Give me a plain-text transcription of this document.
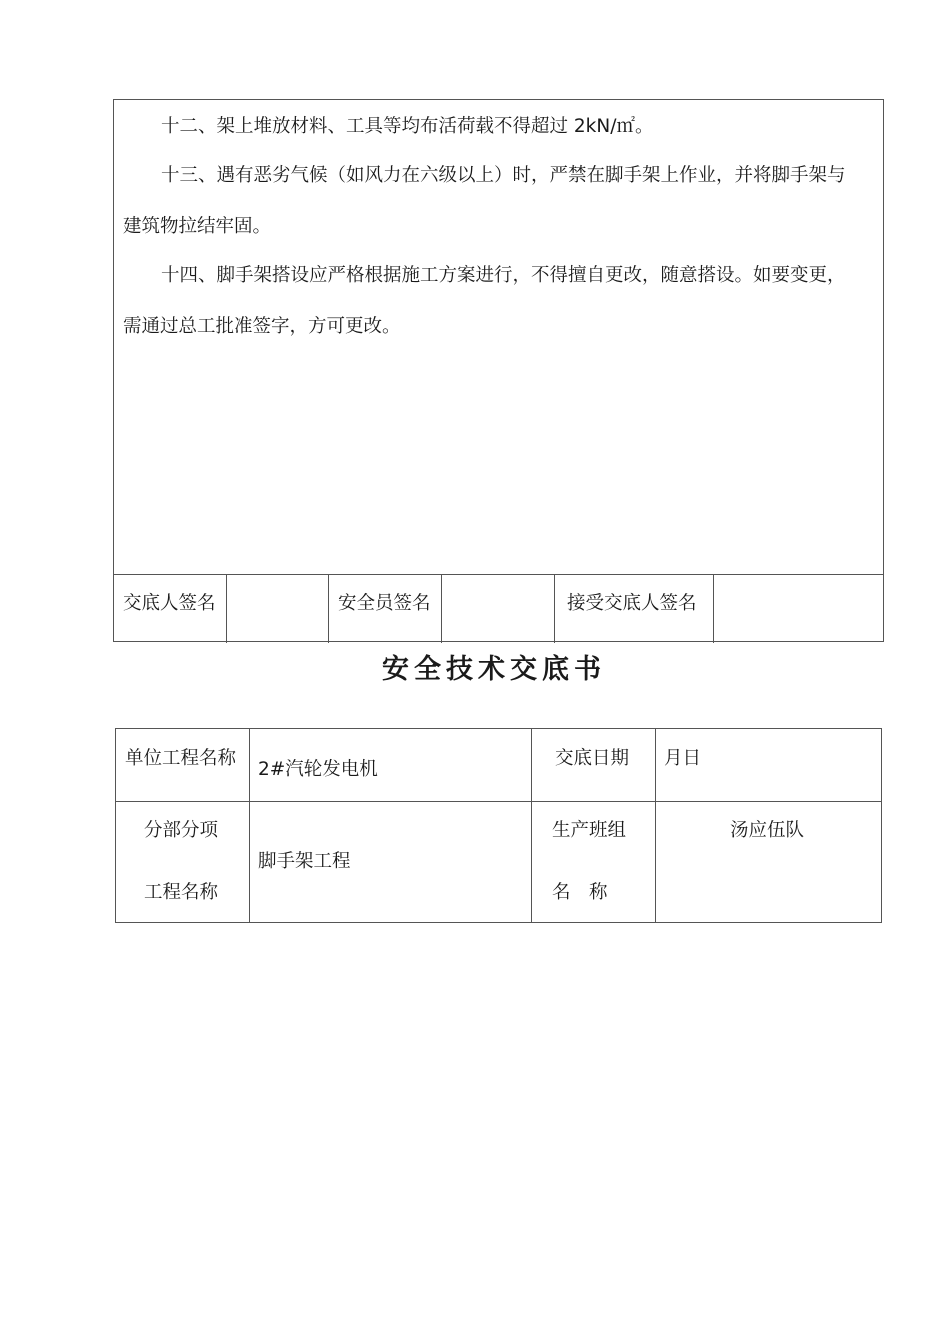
十二、架上堆放材料、工具等均布活荷载不得超过 2kN/㎡。
十三、遇有恶劣气候（如风力在六级以上）时，严禁在脚手架上作业，并将脚手架与
建筑物拉结牢固。
十四、脚手架搭设应严格根据施工方案进行，不得擅自更改，随意搭设。如要变更，
需通过总工批准签字，方可更改。
交底人签名	安全员签名	接受交底人签名
安全技术交底书
单位工程名称
2#汽轮发电机
交底日期 月日
分部分项
工程名称
脚手架工程
生产班组
名　称
汤应伍队
